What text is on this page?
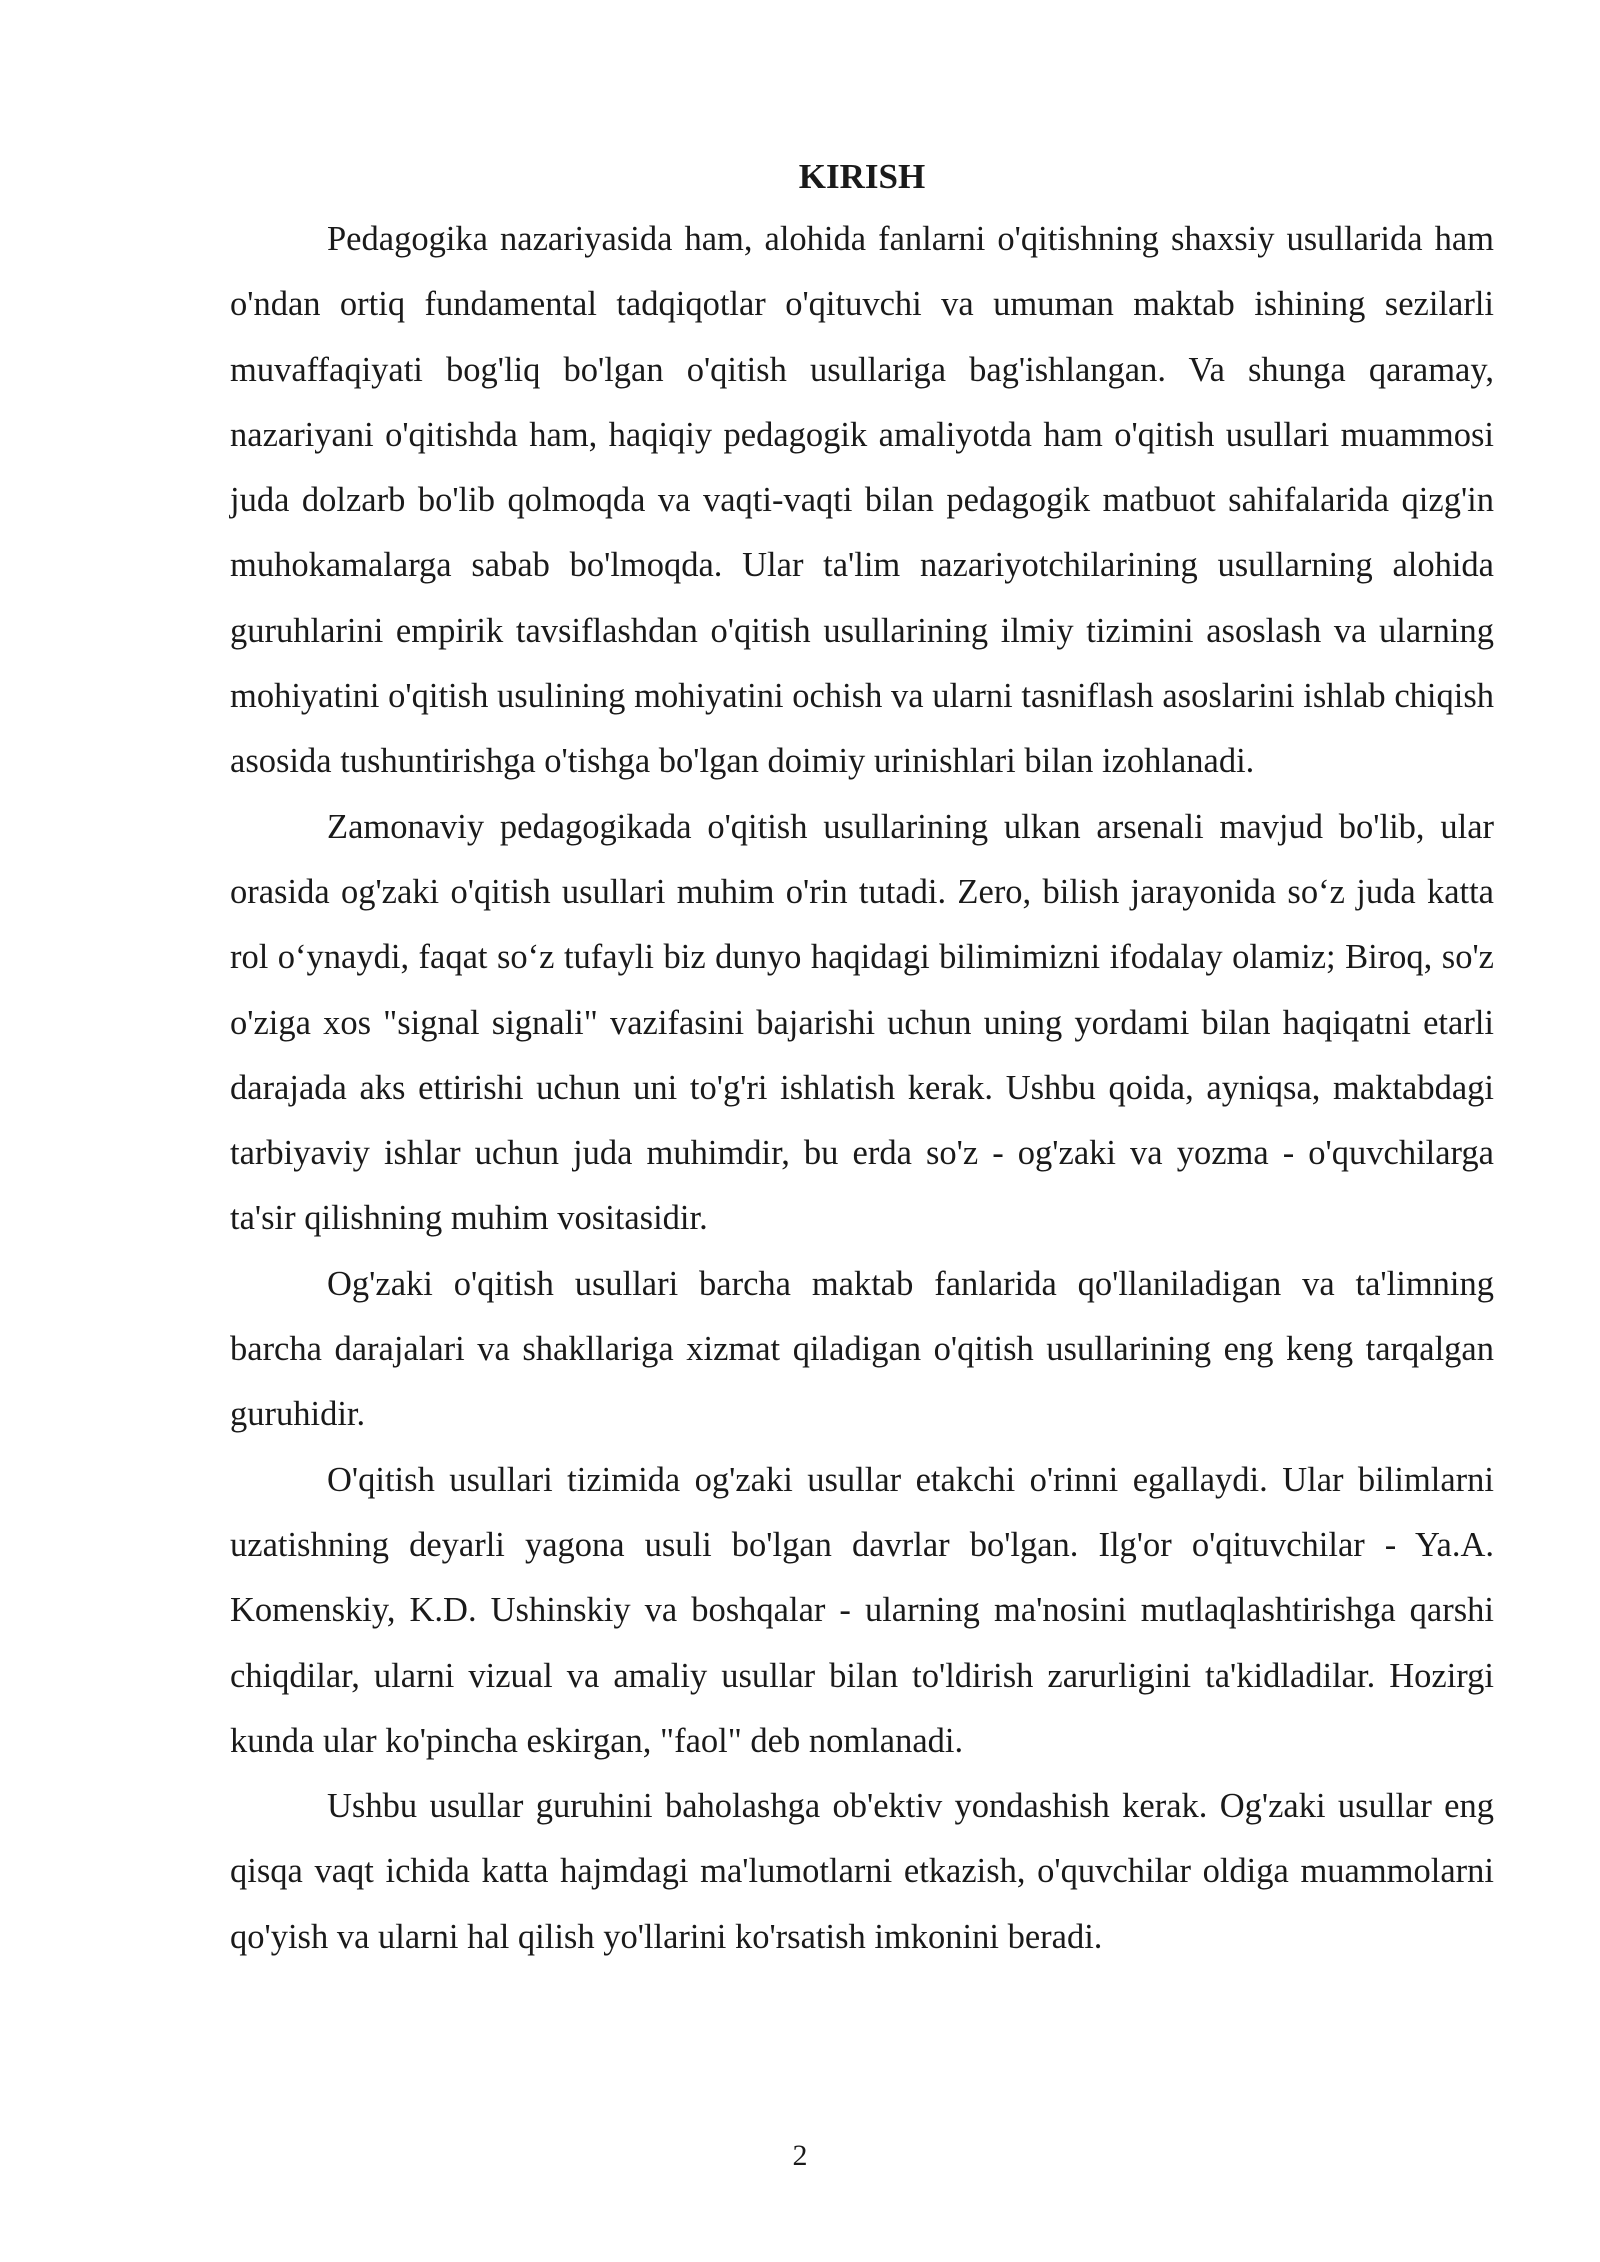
KIRISH

Pedagogika nazariyasida ham, alohida fanlarni o'qitishning shaxsiy usullarida ham o'ndan ortiq fundamental tadqiqotlar o'qituvchi va umuman maktab ishining sezilarli muvaffaqiyati bog'liq bo'lgan o'qitish usullariga bag'ishlangan. Va shunga qaramay, nazariyani o'qitishda ham, haqiqiy pedagogik amaliyotda ham o'qitish usullari muammosi juda dolzarb bo'lib qolmoqda va vaqti-vaqti bilan pedagogik matbuot sahifalarida qizg'in muhokamalarga sabab bo'lmoqda. Ular ta'lim nazariyotchilarining usullarning alohida guruhlarini empirik tavsiflashdan o'qitish usullarining ilmiy tizimini asoslash va ularning mohiyatini o'qitish usulining mohiyatini ochish va ularni tasniflash asoslarini ishlab chiqish asosida tushuntirishga o'tishga bo'lgan doimiy urinishlari bilan izohlanadi.

Zamonaviy pedagogikada o'qitish usullarining ulkan arsenali mavjud bo'lib, ular orasida og'zaki o'qitish usullari muhim o'rin tutadi. Zero, bilish jarayonida so‘z juda katta rol o‘ynaydi, faqat so‘z tufayli biz dunyo haqidagi bilimimizni ifodalay olamiz; Biroq, so'z o'ziga xos "signal signali" vazifasini bajarishi uchun uning yordami bilan haqiqatni etarli darajada aks ettirishi uchun uni to'g'ri ishlatish kerak. Ushbu qoida, ayniqsa, maktabdagi tarbiyaviy ishlar uchun juda muhimdir, bu erda so'z - og'zaki va yozma - o'quvchilarga ta'sir qilishning muhim vositasidir.

Og'zaki o'qitish usullari barcha maktab fanlarida qo'llaniladigan va ta'limning barcha darajalari va shakllariga xizmat qiladigan o'qitish usullarining eng keng tarqalgan guruhidir.

O'qitish usullari tizimida og'zaki usullar etakchi o'rinni egallaydi. Ular bilimlarni uzatishning deyarli yagona usuli bo'lgan davrlar bo'lgan. Ilg'or o'qituvchilar - Ya.A. Komenskiy, K.D. Ushinskiy va boshqalar - ularning ma'nosini mutlaqlashtirishga qarshi chiqdilar, ularni vizual va amaliy usullar bilan to'ldirish zarurligini ta'kidladilar. Hozirgi kunda ular ko'pincha eskirgan, "faol" deb nomlanadi.

Ushbu usullar guruhini baholashga ob'ektiv yondashish kerak. Og'zaki usullar eng qisqa vaqt ichida katta hajmdagi ma'lumotlarni etkazish, o'quvchilar oldiga muammolarni qo'yish va ularni hal qilish yo'llarini ko'rsatish imkonini beradi.

2
